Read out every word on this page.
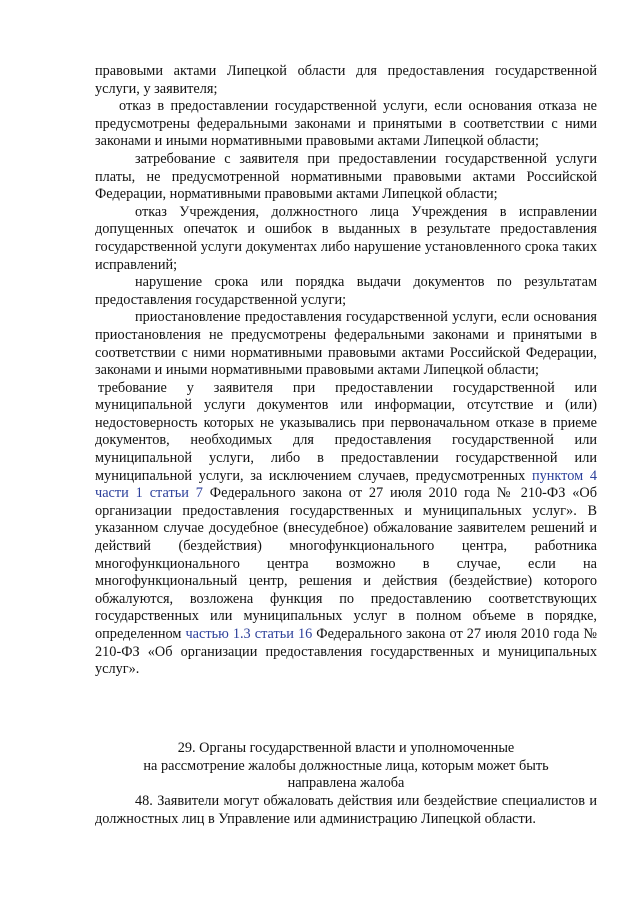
правовыми актами Липецкой области для предоставления государственной услуги, у заявителя;

отказ в предоставлении государственной услуги, если основания отказа не предусмотрены федеральными законами и принятыми в соответствии с ними законами и иными нормативными правовыми актами Липецкой области;

затребование с заявителя при предоставлении государственной услуги платы, не предусмотренной нормативными правовыми актами Российской Федерации, нормативными правовыми актами Липецкой области;

отказ Учреждения, должностного лица Учреждения в исправлении допущенных опечаток и ошибок в выданных в результате предоставления государственной услуги документах либо нарушение установленного срока таких исправлений;

нарушение срока или порядка выдачи документов по результатам предоставления государственной услуги;

приостановление предоставления государственной услуги, если основания приостановления не предусмотрены федеральными законами и принятыми в соответствии с ними нормативными правовыми актами Российской Федерации, законами и иными нормативными правовыми актами Липецкой области;

требование у заявителя при предоставлении государственной или муниципальной услуги документов или информации, отсутствие и (или) недостоверность которых не указывались при первоначальном отказе в приеме документов, необходимых для предоставления государственной или муниципальной услуги, либо в предоставлении государственной или муниципальной услуги, за исключением случаев, предусмотренных пунктом 4 части 1 статьи 7 Федерального закона от 27 июля 2010 года № 210-ФЗ «Об организации предоставления государственных и муниципальных услуг». В указанном случае досудебное (внесудебное) обжалование заявителем решений и действий (бездействия) многофункционального центра, работника многофункционального центра возможно в случае, если на многофункциональный центр, решения и действия (бездействие) которого обжалуются, возложена функция по предоставлению соответствующих государственных или муниципальных услуг в полном объеме в порядке, определенном частью 1.3 статьи 16 Федерального закона от 27 июля 2010 года № 210-ФЗ «Об организации предоставления государственных и муниципальных услуг».

29. Органы государственной власти и уполномоченные
на рассмотрение жалобы должностные лица, которым может быть
направлена жалоба

48. Заявители могут обжаловать действия или бездействие специалистов и должностных лиц в Управление или администрацию Липецкой области.
